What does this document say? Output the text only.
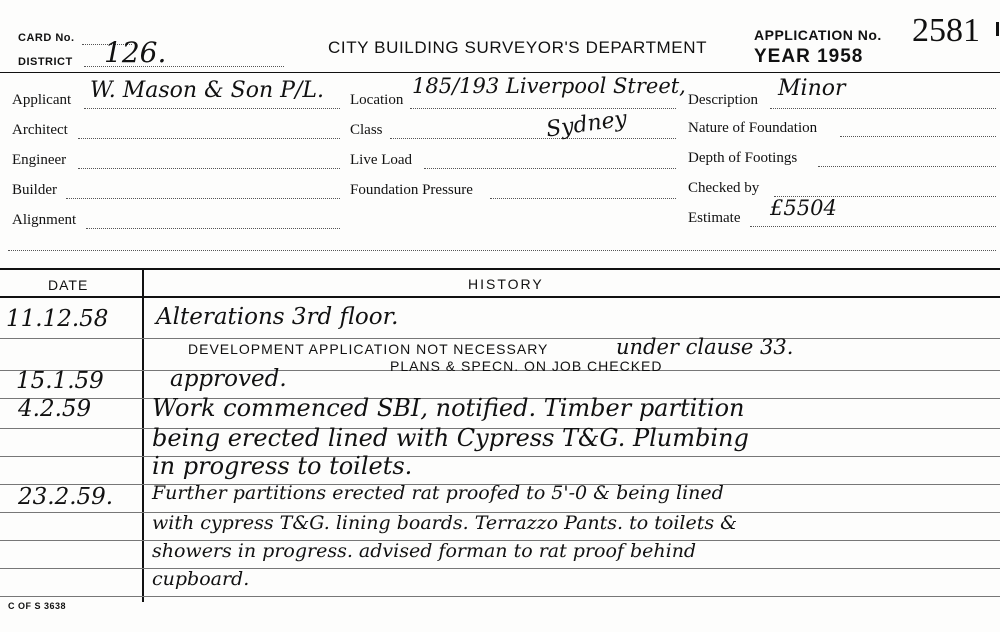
CARD No.
DISTRICT 126.	CITY BUILDING SURVEYOR'S DEPARTMENT
APPLICATION No. 2581
YEAR 1958
Applicant W. Mason & Son P/L.
Architect
Engineer
Builder
Alignment
Location
185/193 Liverpool Street,
Class	Sydney
Live Load
Foundation Pressure
Description Minor
Nature of Foundation
Depth of Footings
Checked by
Estimate £5504
DATE	HISTORY
11.12.58 Alterations 3rd floor.
DEVELOPMENT APPLICATION NOT NECESSARY	under clause 33.
PLANS & SPECN. ON JOB CHECKED
15.1.59	approved.
4.2.59	Work commenced SBI, notified. Timber partition
being erected lined with Cypress T&G. Plumbing
in progress to toilets.
23.2.59. Further partitions erected rat proofed to 5'-0 & being lined
with cypress T&G. lining boards. Terrazzo Pants. to toilets &
showers in progress. advised forman to rat proof behind
cupboard.
C OF S 3638
